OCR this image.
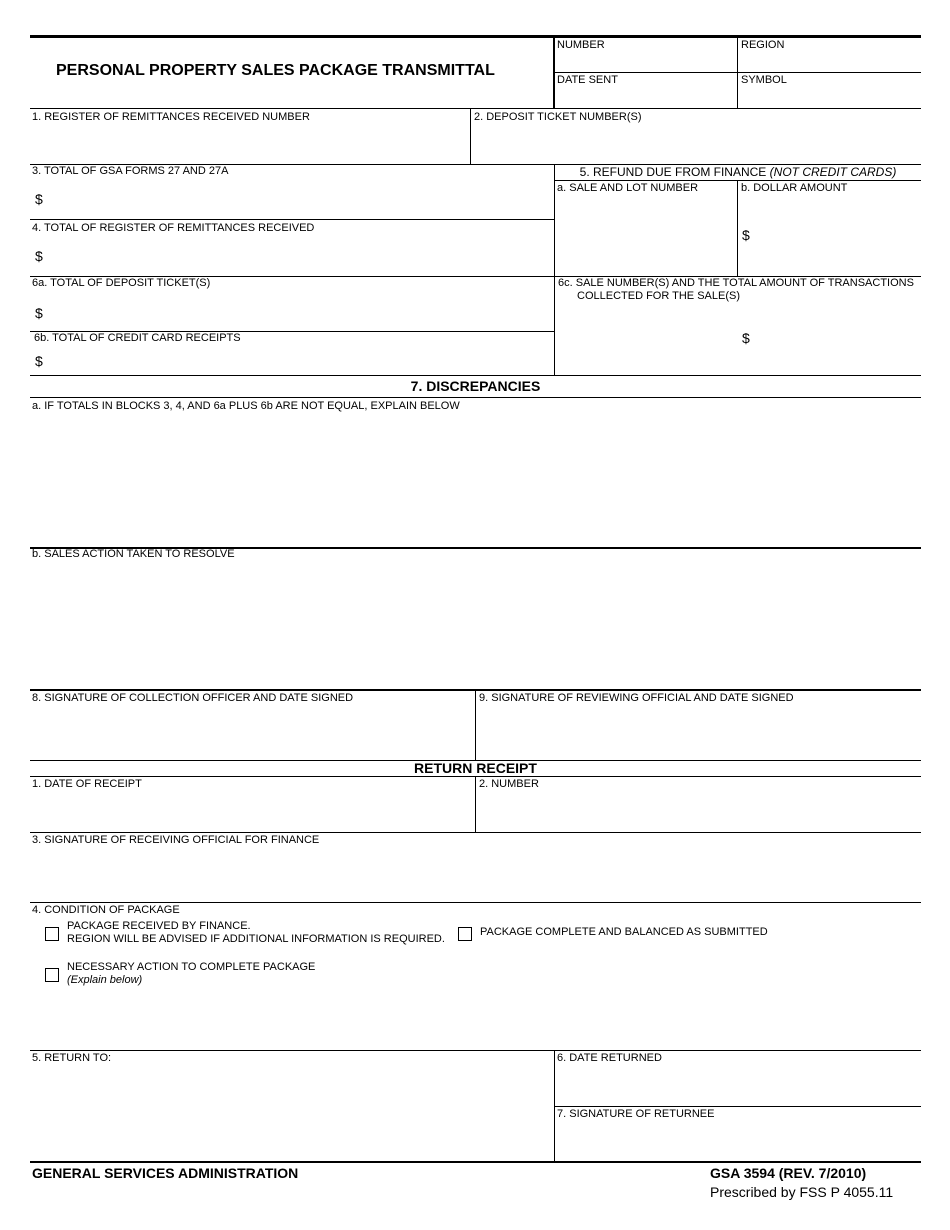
PERSONAL PROPERTY SALES PACKAGE TRANSMITTAL
NUMBER	REGION
DATE SENT	SYMBOL
1. REGISTER OF REMITTANCES RECEIVED NUMBER	2. DEPOSIT TICKET NUMBER(S)
3. TOTAL OF GSA FORMS 27 AND 27A
$
4. TOTAL OF REGISTER OF REMITTANCES RECEIVED
$
6a. TOTAL OF DEPOSIT TICKET(S)
$
6b. TOTAL OF CREDIT CARD RECEIPTS
$
5. REFUND DUE FROM FINANCE (NOT CREDIT CARDS)
a. SALE AND LOT NUMBER	b. DOLLAR AMOUNT
$
6c. SALE NUMBER(S) AND THE TOTAL AMOUNT OF TRANSACTIONS
COLLECTED FOR THE SALE(S)
$
7. DISCREPANCIES
a. IF TOTALS IN BLOCKS 3, 4, AND 6a PLUS 6b ARE NOT EQUAL, EXPLAIN BELOW
b. SALES ACTION TAKEN TO RESOLVE
8. SIGNATURE OF COLLECTION OFFICER AND DATE SIGNED	9. SIGNATURE OF REVIEWING OFFICIAL AND DATE SIGNED
RETURN RECEIPT
1. DATE OF RECEIPT	2. NUMBER
3. SIGNATURE OF RECEIVING OFFICIAL FOR FINANCE
4. CONDITION OF PACKAGE
PACKAGE RECEIVED BY FINANCE.
REGION WILL BE ADVISED IF ADDITIONAL INFORMATION IS REQUIRED.
PACKAGE COMPLETE AND BALANCED AS SUBMITTED
NECESSARY ACTION TO COMPLETE PACKAGE
(Explain below)
5. RETURN TO:	6. DATE RETURNED
7. SIGNATURE OF RETURNEE
GENERAL SERVICES ADMINISTRATION	GSA 3594 (REV. 7/2010)
Prescribed by FSS P 4055.11
